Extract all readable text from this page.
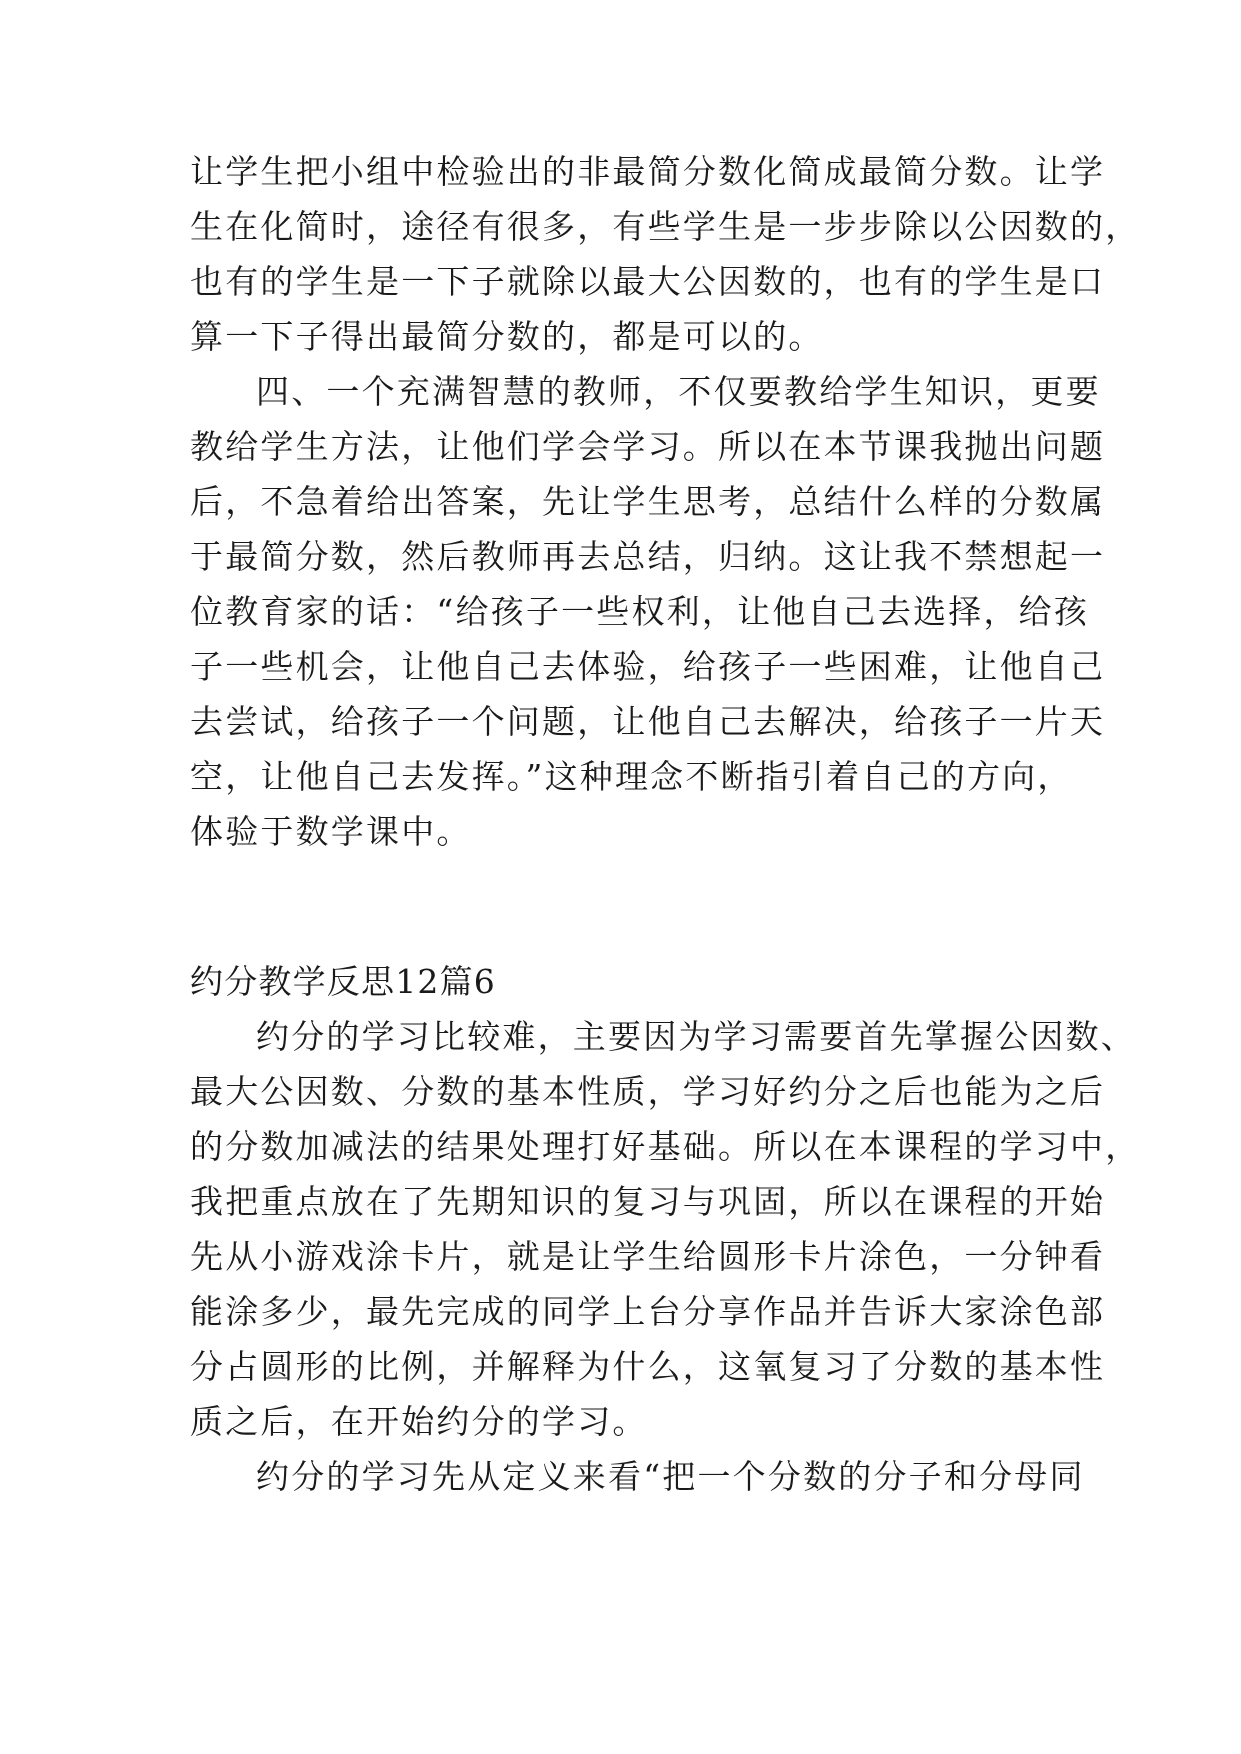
让学生把小组中检验出的非最简分数化简成最简分数。让学
生在化简时，途径有很多，有些学生是一步步除以公因数的，
也有的学生是一下子就除以最大公因数的，也有的学生是口
算一下子得出最简分数的，都是可以的。
四、一个充满智慧的教师，不仅要教给学生知识，更要
教给学生方法，让他们学会学习。所以在本节课我抛出问题
后，不急着给出答案，先让学生思考，总结什么样的分数属
于最简分数，然后教师再去总结，归纳。这让我不禁想起一
位教育家的话：“给孩子一些权利，让他自己去选择，给孩
子一些机会，让他自己去体验，给孩子一些困难，让他自己
去尝试，给孩子一个问题，让他自己去解决，给孩子一片天
空，让他自己去发挥。”这种理念不断指引着自己的方向，
体验于数学课中。
约分教学反思12篇6
约分的学习比较难，主要因为学习需要首先掌握公因数、
最大公因数、分数的基本性质，学习好约分之后也能为之后
的分数加减法的结果处理打好基础。所以在本课程的学习中，
我把重点放在了先期知识的复习与巩固，所以在课程的开始
先从小游戏涂卡片，就是让学生给圆形卡片涂色，一分钟看
能涂多少，最先完成的同学上台分享作品并告诉大家涂色部
分占圆形的比例，并解释为什么，这氧复习了分数的基本性
质之后，在开始约分的学习。
约分的学习先从定义来看“把一个分数的分子和分母同
